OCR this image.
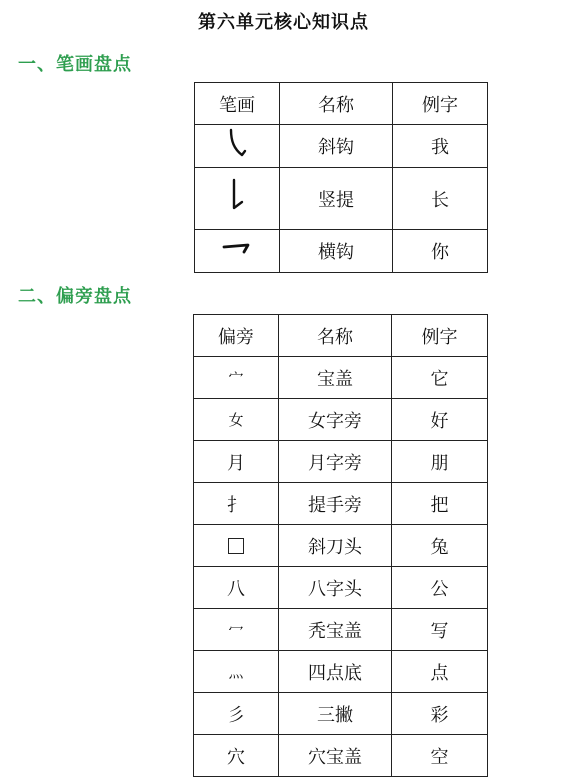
第六单元核心知识点
一、笔画盘点
笔画	名称	例字
	斜钩	我
	竖提	长
	横钩	你
二、偏旁盘点
偏旁	名称	例字
宀	宝盖	它
女	女字旁	好
月	月字旁	朋
扌	提手旁	把
	斜刀头	兔
八	八字头	公
冖	秃宝盖	写
灬	四点底	点
彡	三撇	彩
穴	穴宝盖	空
